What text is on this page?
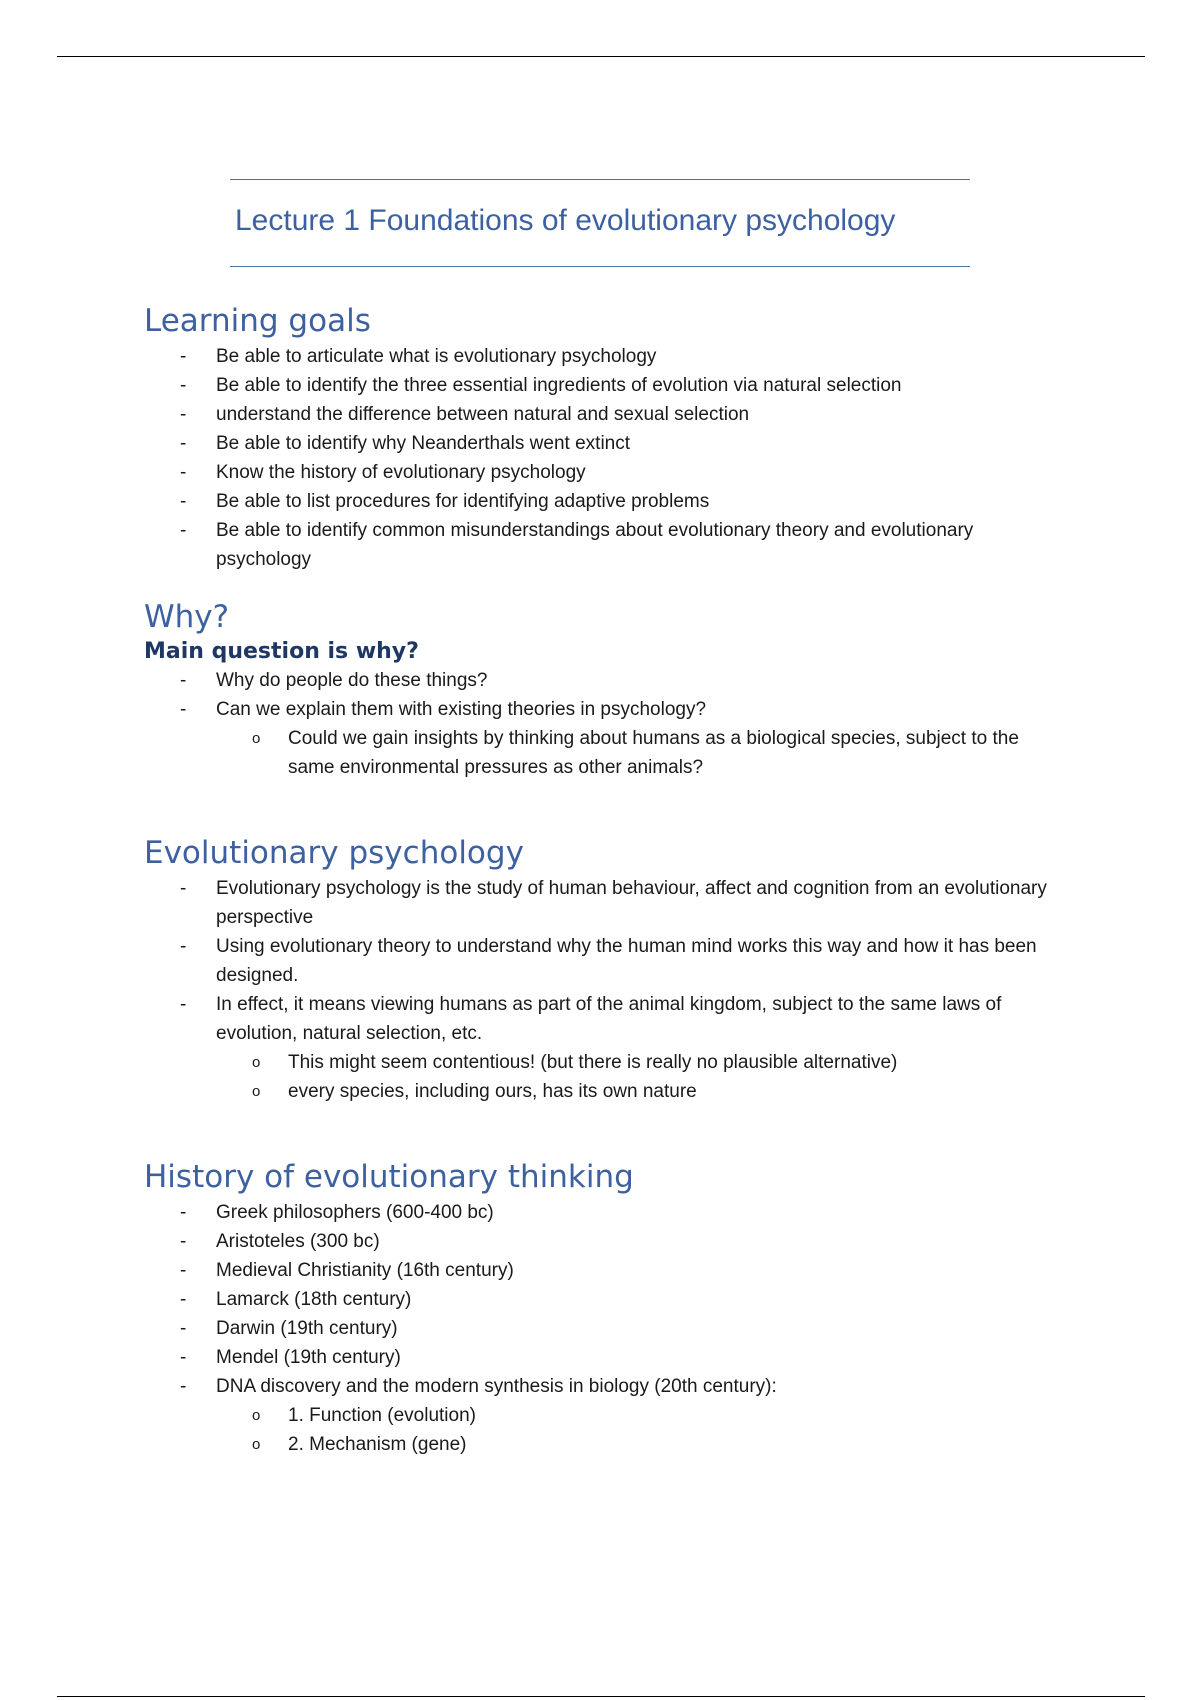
Lecture 1 Foundations of evolutionary psychology
Learning goals
- Be able to articulate what is evolutionary psychology
- Be able to identify the three essential ingredients of evolution via natural selection
- understand the difference between natural and sexual selection
- Be able to identify why Neanderthals went extinct
- Know the history of evolutionary psychology
- Be able to list procedures for identifying adaptive problems
- Be able to identify common misunderstandings about evolutionary theory and evolutionary psychology
Why?
Main question is why?
- Why do people do these things?
- Can we explain them with existing theories in psychology?
o Could we gain insights by thinking about humans as a biological species, subject to the same environmental pressures as other animals?
Evolutionary psychology
- Evolutionary psychology is the study of human behaviour, affect and cognition from an evolutionary perspective
- Using evolutionary theory to understand why the human mind works this way and how it has been designed.
- In effect, it means viewing humans as part of the animal kingdom, subject to the same laws of evolution, natural selection, etc.
o This might seem contentious! (but there is really no plausible alternative)
o every species, including ours, has its own nature
History of evolutionary thinking
- Greek philosophers (600-400 bc)
- Aristoteles (300 bc)
- Medieval Christianity (16th century)
- Lamarck (18th century)
- Darwin (19th century)
- Mendel (19th century)
- DNA discovery and the modern synthesis in biology (20th century):
o 1. Function (evolution)
o 2. Mechanism (gene)
